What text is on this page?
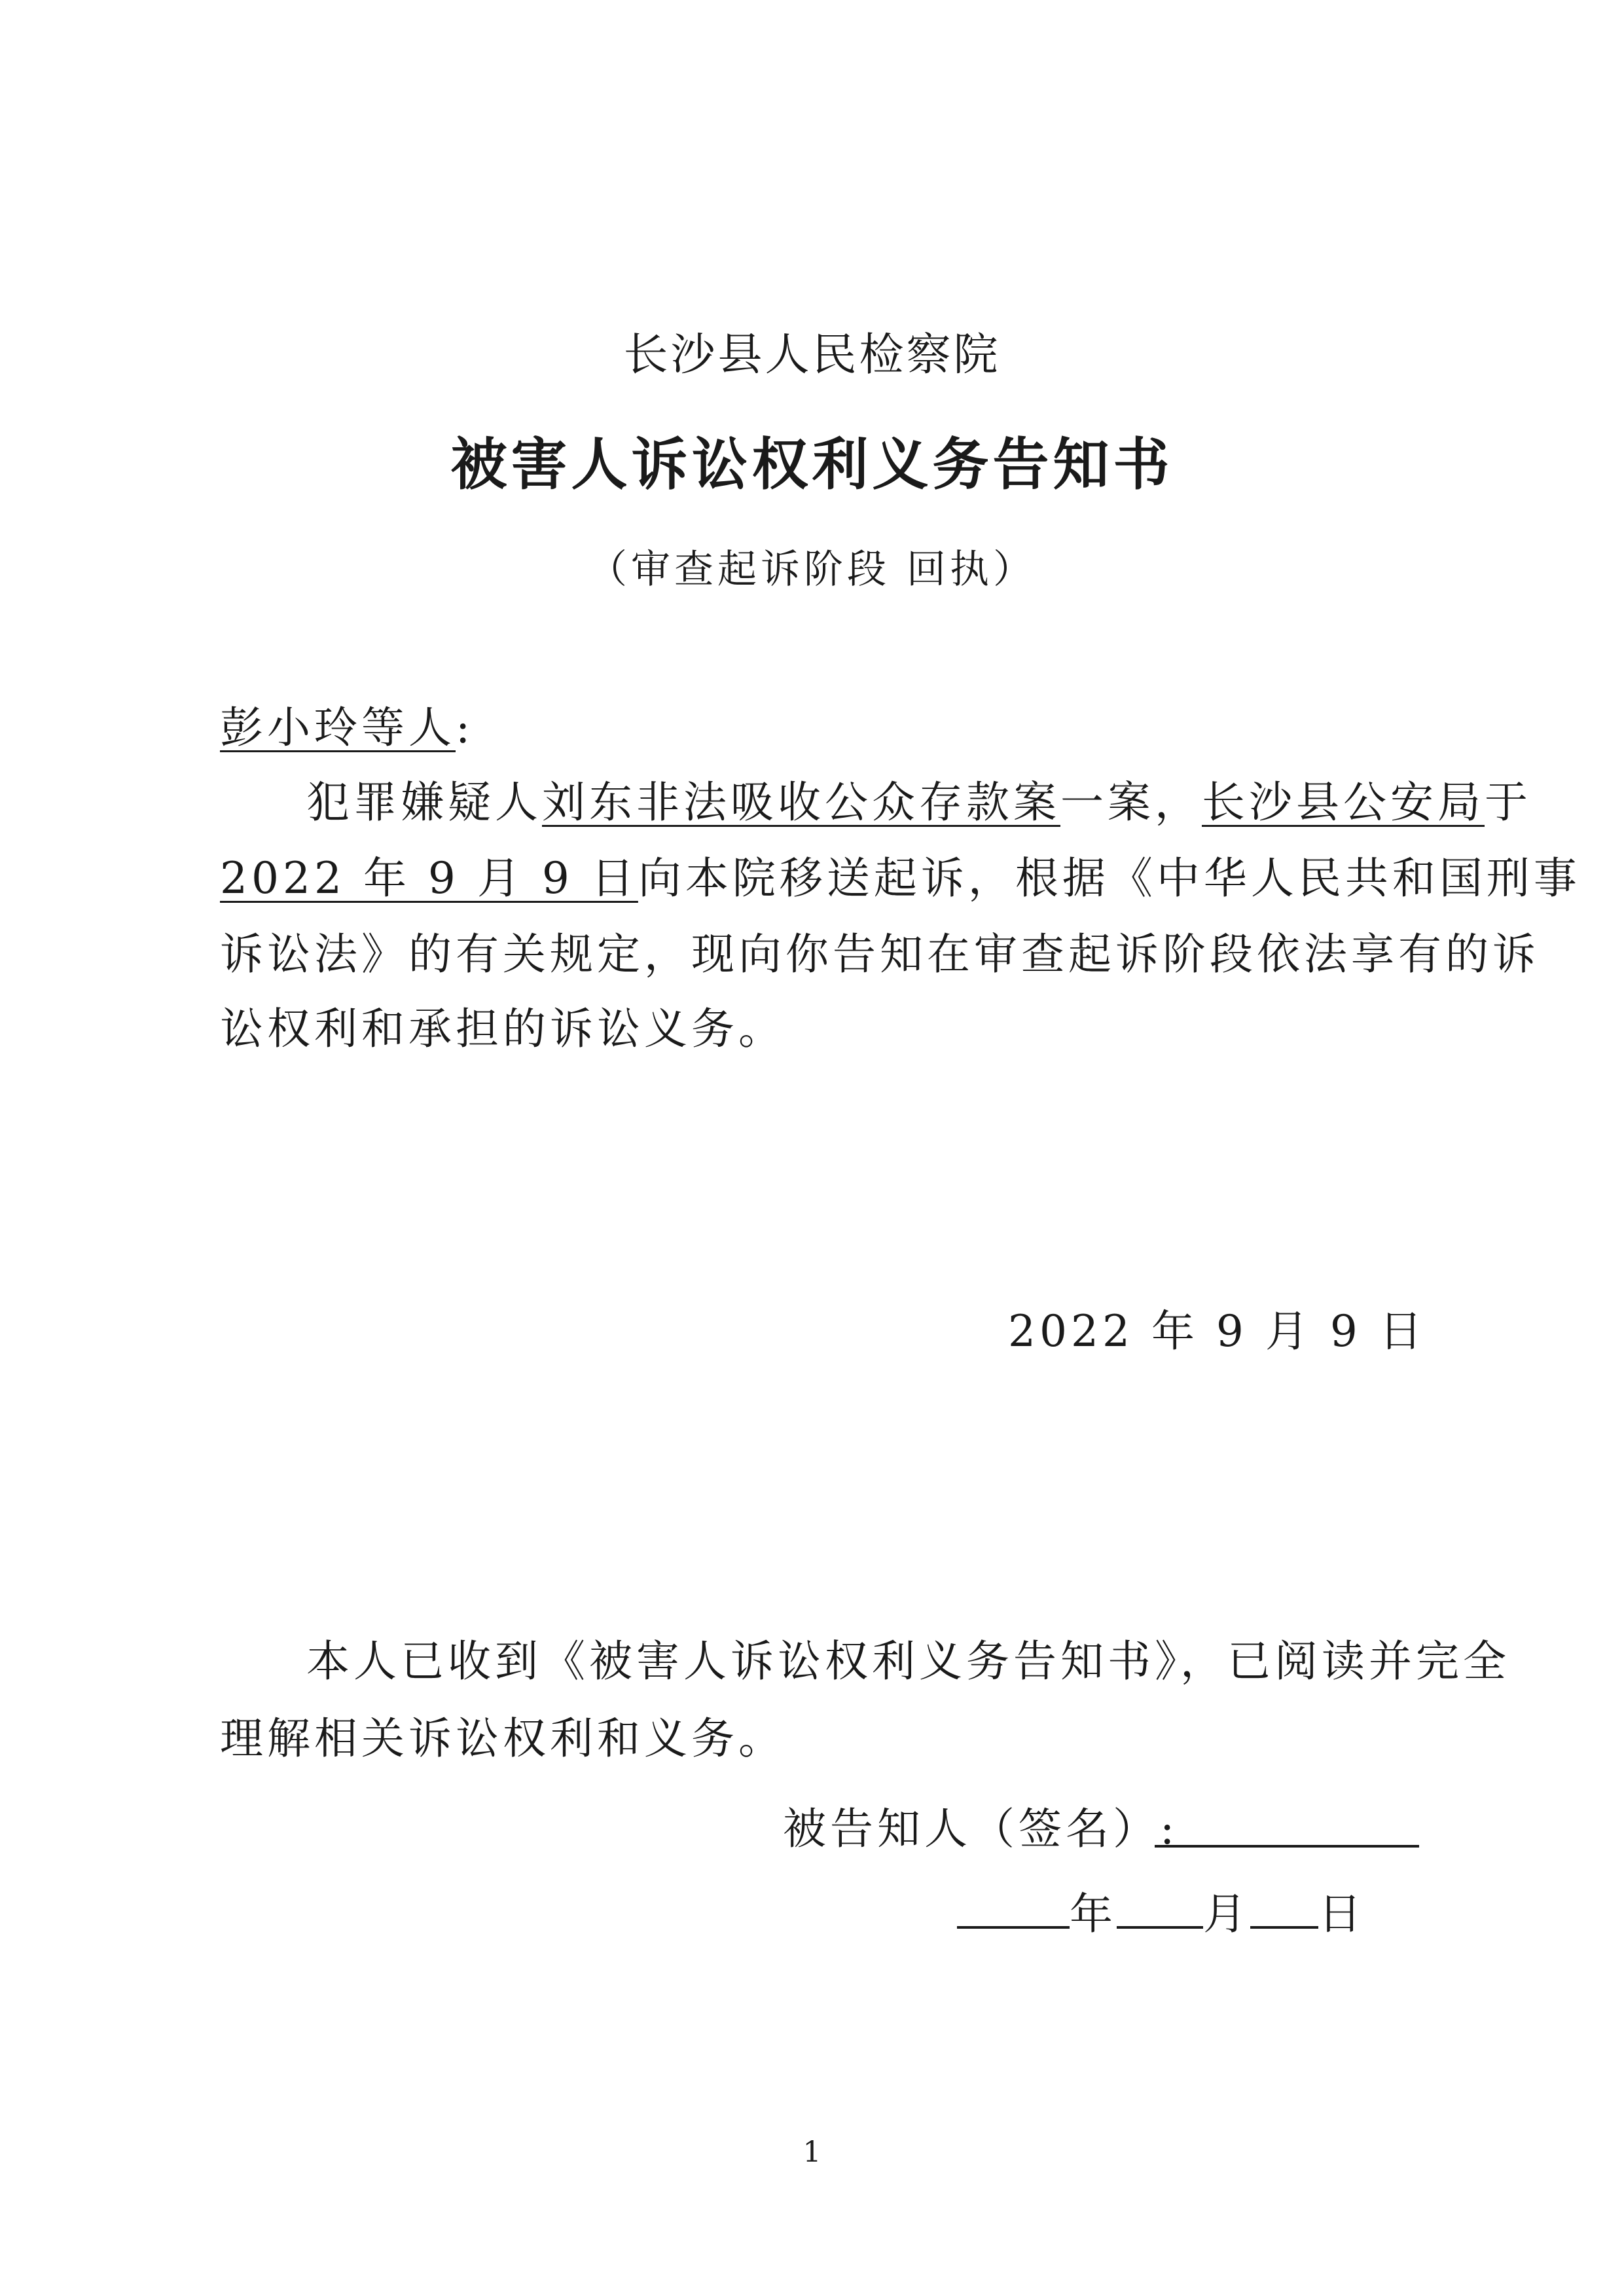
长沙县人民检察院
被害人诉讼权利义务告知书
（审查起诉阶段 回执）
彭小玲等人:
犯罪嫌疑人刘东非法吸收公众存款案一案，长沙县公安局于
2022 年 9 月 9 日向本院移送起诉，根据《中华人民共和国刑事
诉讼法》的有关规定，现向你告知在审查起诉阶段依法享有的诉
讼权利和承担的诉讼义务。
2022 年 9 月 9 日
本人已收到《被害人诉讼权利义务告知书》，已阅读并完全
理解相关诉讼权利和义务。
被告知人（签名）:
年 月 日
1
